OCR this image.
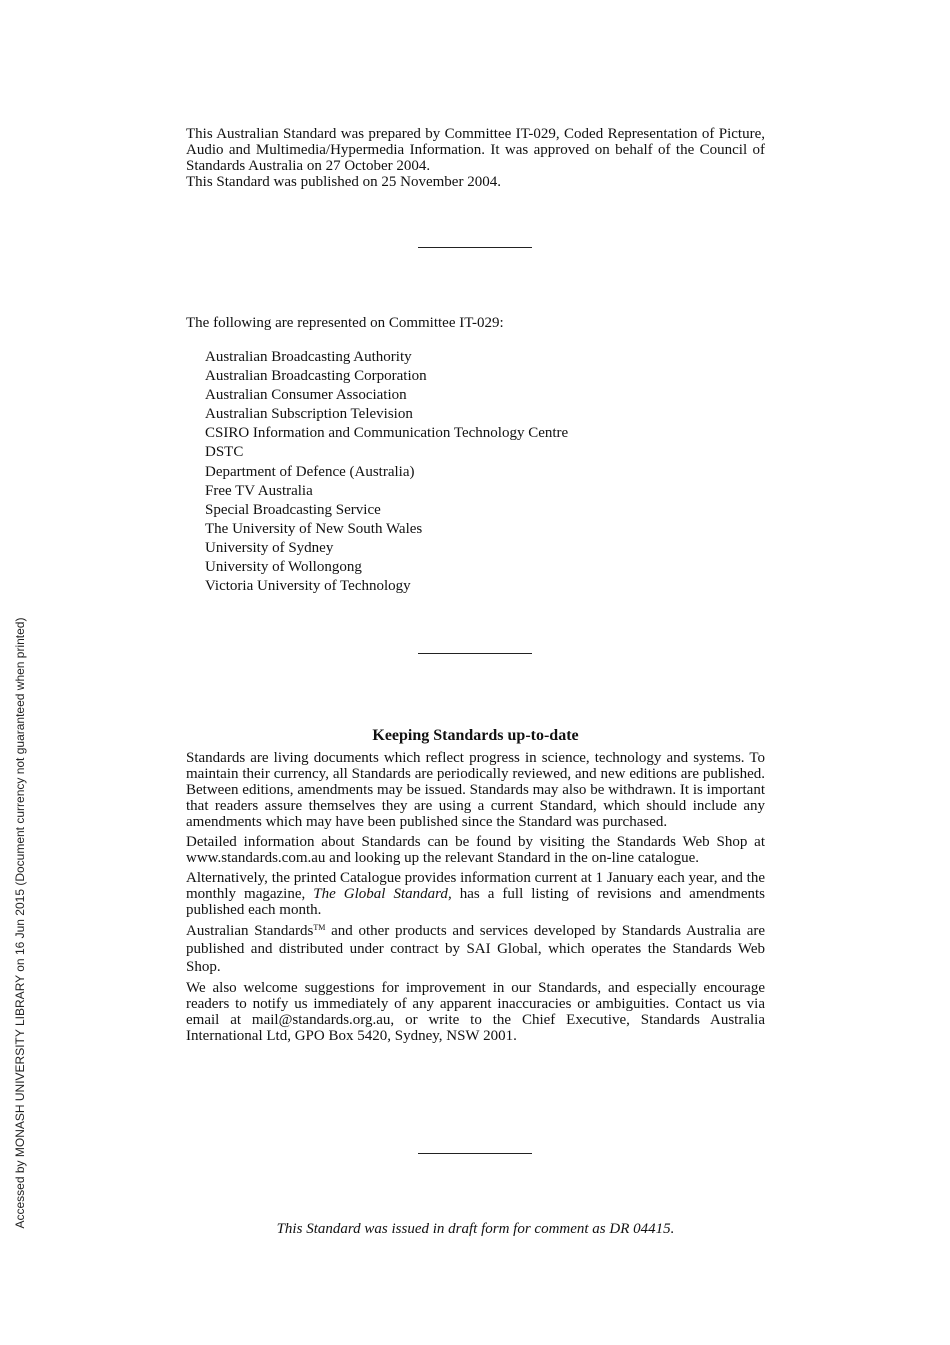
This Australian Standard was prepared by Committee IT-029, Coded Representation of Picture, Audio and Multimedia/Hypermedia Information. It was approved on behalf of the Council of Standards Australia on 27 October 2004.

This Standard was published on 25 November 2004.

The following are represented on Committee IT-029:
Australian Broadcasting Authority
Australian Broadcasting Corporation
Australian Consumer Association
Australian Subscription Television
CSIRO Information and Communication Technology Centre
DSTC
Department of Defence (Australia)
Free TV Australia
Special Broadcasting Service
The University of New South Wales
University of Sydney
University of Wollongong
Victoria University of Technology
Keeping Standards up-to-date

Standards are living documents which reflect progress in science, technology and systems. To maintain their currency, all Standards are periodically reviewed, and new editions are published. Between editions, amendments may be issued. Standards may also be withdrawn. It is important that readers assure themselves they are using a current Standard, which should include any amendments which may have been published since the Standard was purchased.

Detailed information about Standards can be found by visiting the Standards Web Shop at www.standards.com.au and looking up the relevant Standard in the on-line catalogue.

Alternatively, the printed Catalogue provides information current at 1 January each year, and the monthly magazine, The Global Standard, has a full listing of revisions and amendments published each month.

Australian Standards™ and other products and services developed by Standards Australia are published and distributed under contract by SAI Global, which operates the Standards Web Shop.

We also welcome suggestions for improvement in our Standards, and especially encourage readers to notify us immediately of any apparent inaccuracies or ambiguities. Contact us via email at mail@standards.org.au, or write to the Chief Executive, Standards Australia International Ltd, GPO Box 5420, Sydney, NSW 2001.

This Standard was issued in draft form for comment as DR 04415.
Accessed by MONASH UNIVERSITY LIBRARY on 16 Jun 2015 (Document currency not guaranteed when printed)
